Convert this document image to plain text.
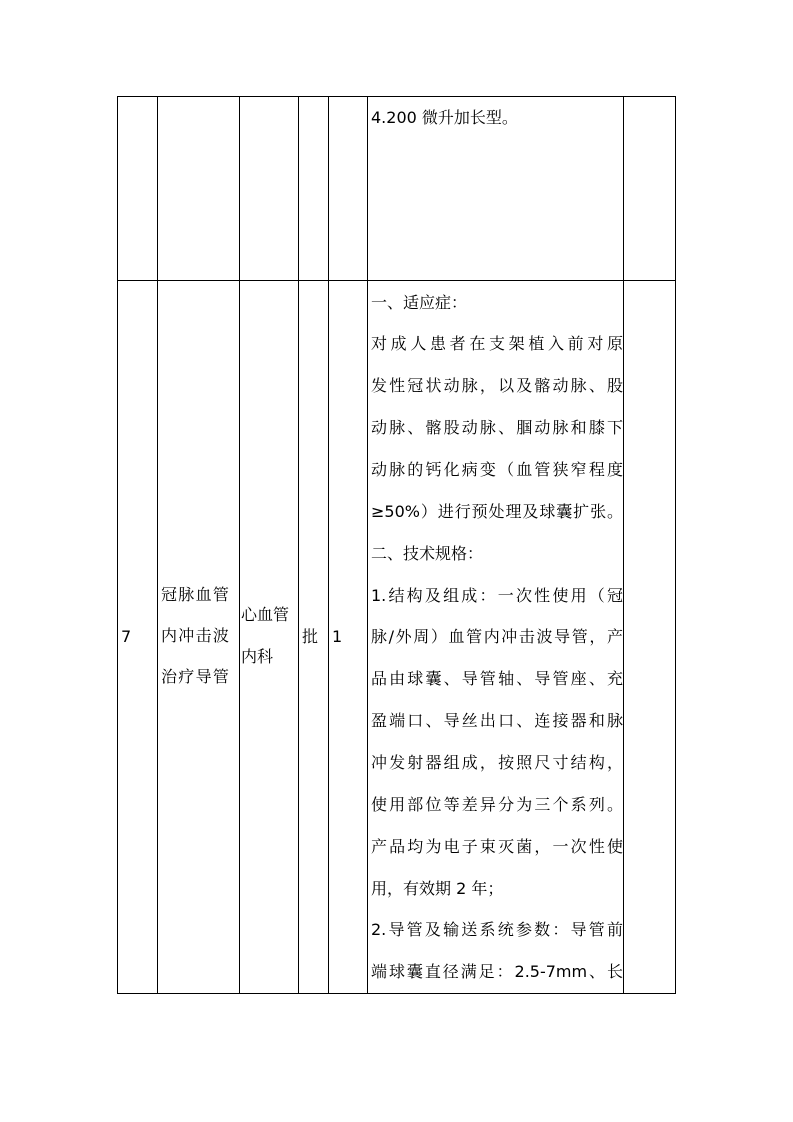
4.200 微升加长型。
7
冠脉血管
内冲击波
治疗导管
心血管
内科
批 1
一、适应症：
对成人患者在支架植入前对原
发性冠状动脉，以及髂动脉、股
动脉、髂股动脉、腘动脉和膝下
动脉的钙化病变（血管狭窄程度
≥50%）进行预处理及球囊扩张。
二、技术规格：
1.结构及组成：一次性使用（冠
脉/外周）血管内冲击波导管，产
品由球囊、导管轴、导管座、充
盈端口、导丝出口、连接器和脉
冲发射器组成，按照尺寸结构，
使用部位等差异分为三个系列。
产品均为电子束灭菌，一次性使
用，有效期 2 年；
2.导管及输送系统参数：导管前
端球囊直径满足：2.5-7mm、长
